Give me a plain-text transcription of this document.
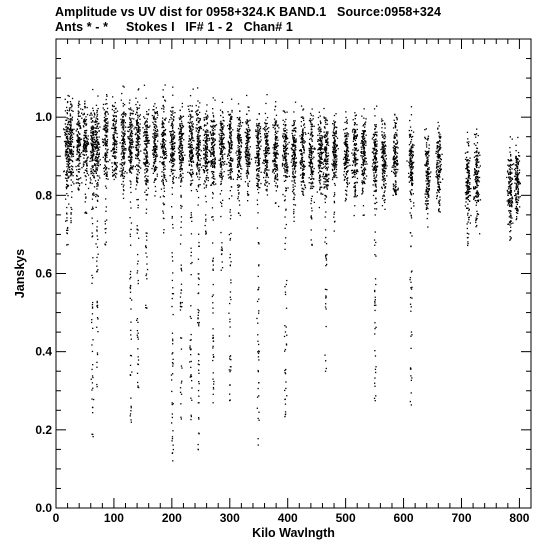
Amplitude vs UV dist for 0958+324.K BAND.1   Source:0958+324
Ants * - *     Stokes I   IF# 1 - 2   Chan# 1
0	100	200	300	400	500	600	700	800
0.0
0.2
0.4
0.6
0.8
1.0
Kilo Wavlngth
Janskys
